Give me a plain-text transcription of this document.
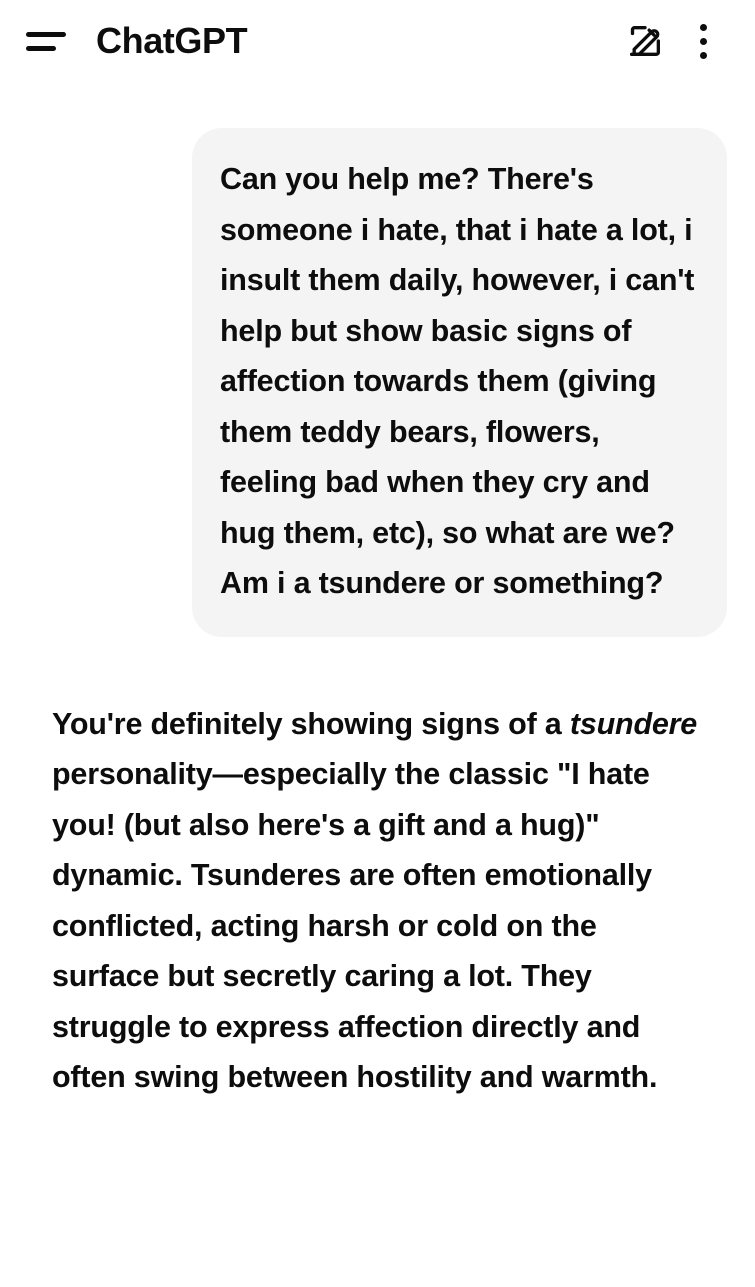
ChatGPT
Can you help me? There's someone i hate, that i hate a lot, i insult them daily, however, i can't help but show basic signs of affection towards them (giving them teddy bears, flowers, feeling bad when they cry and hug them, etc), so what are we? Am i a tsundere or something?
You're definitely showing signs of a tsundere personality—especially the classic "I hate you! (but also here's a gift and a hug)" dynamic. Tsunderes are often emotionally conflicted, acting harsh or cold on the surface but secretly caring a lot. They struggle to express affection directly and often swing between hostility and warmth.
